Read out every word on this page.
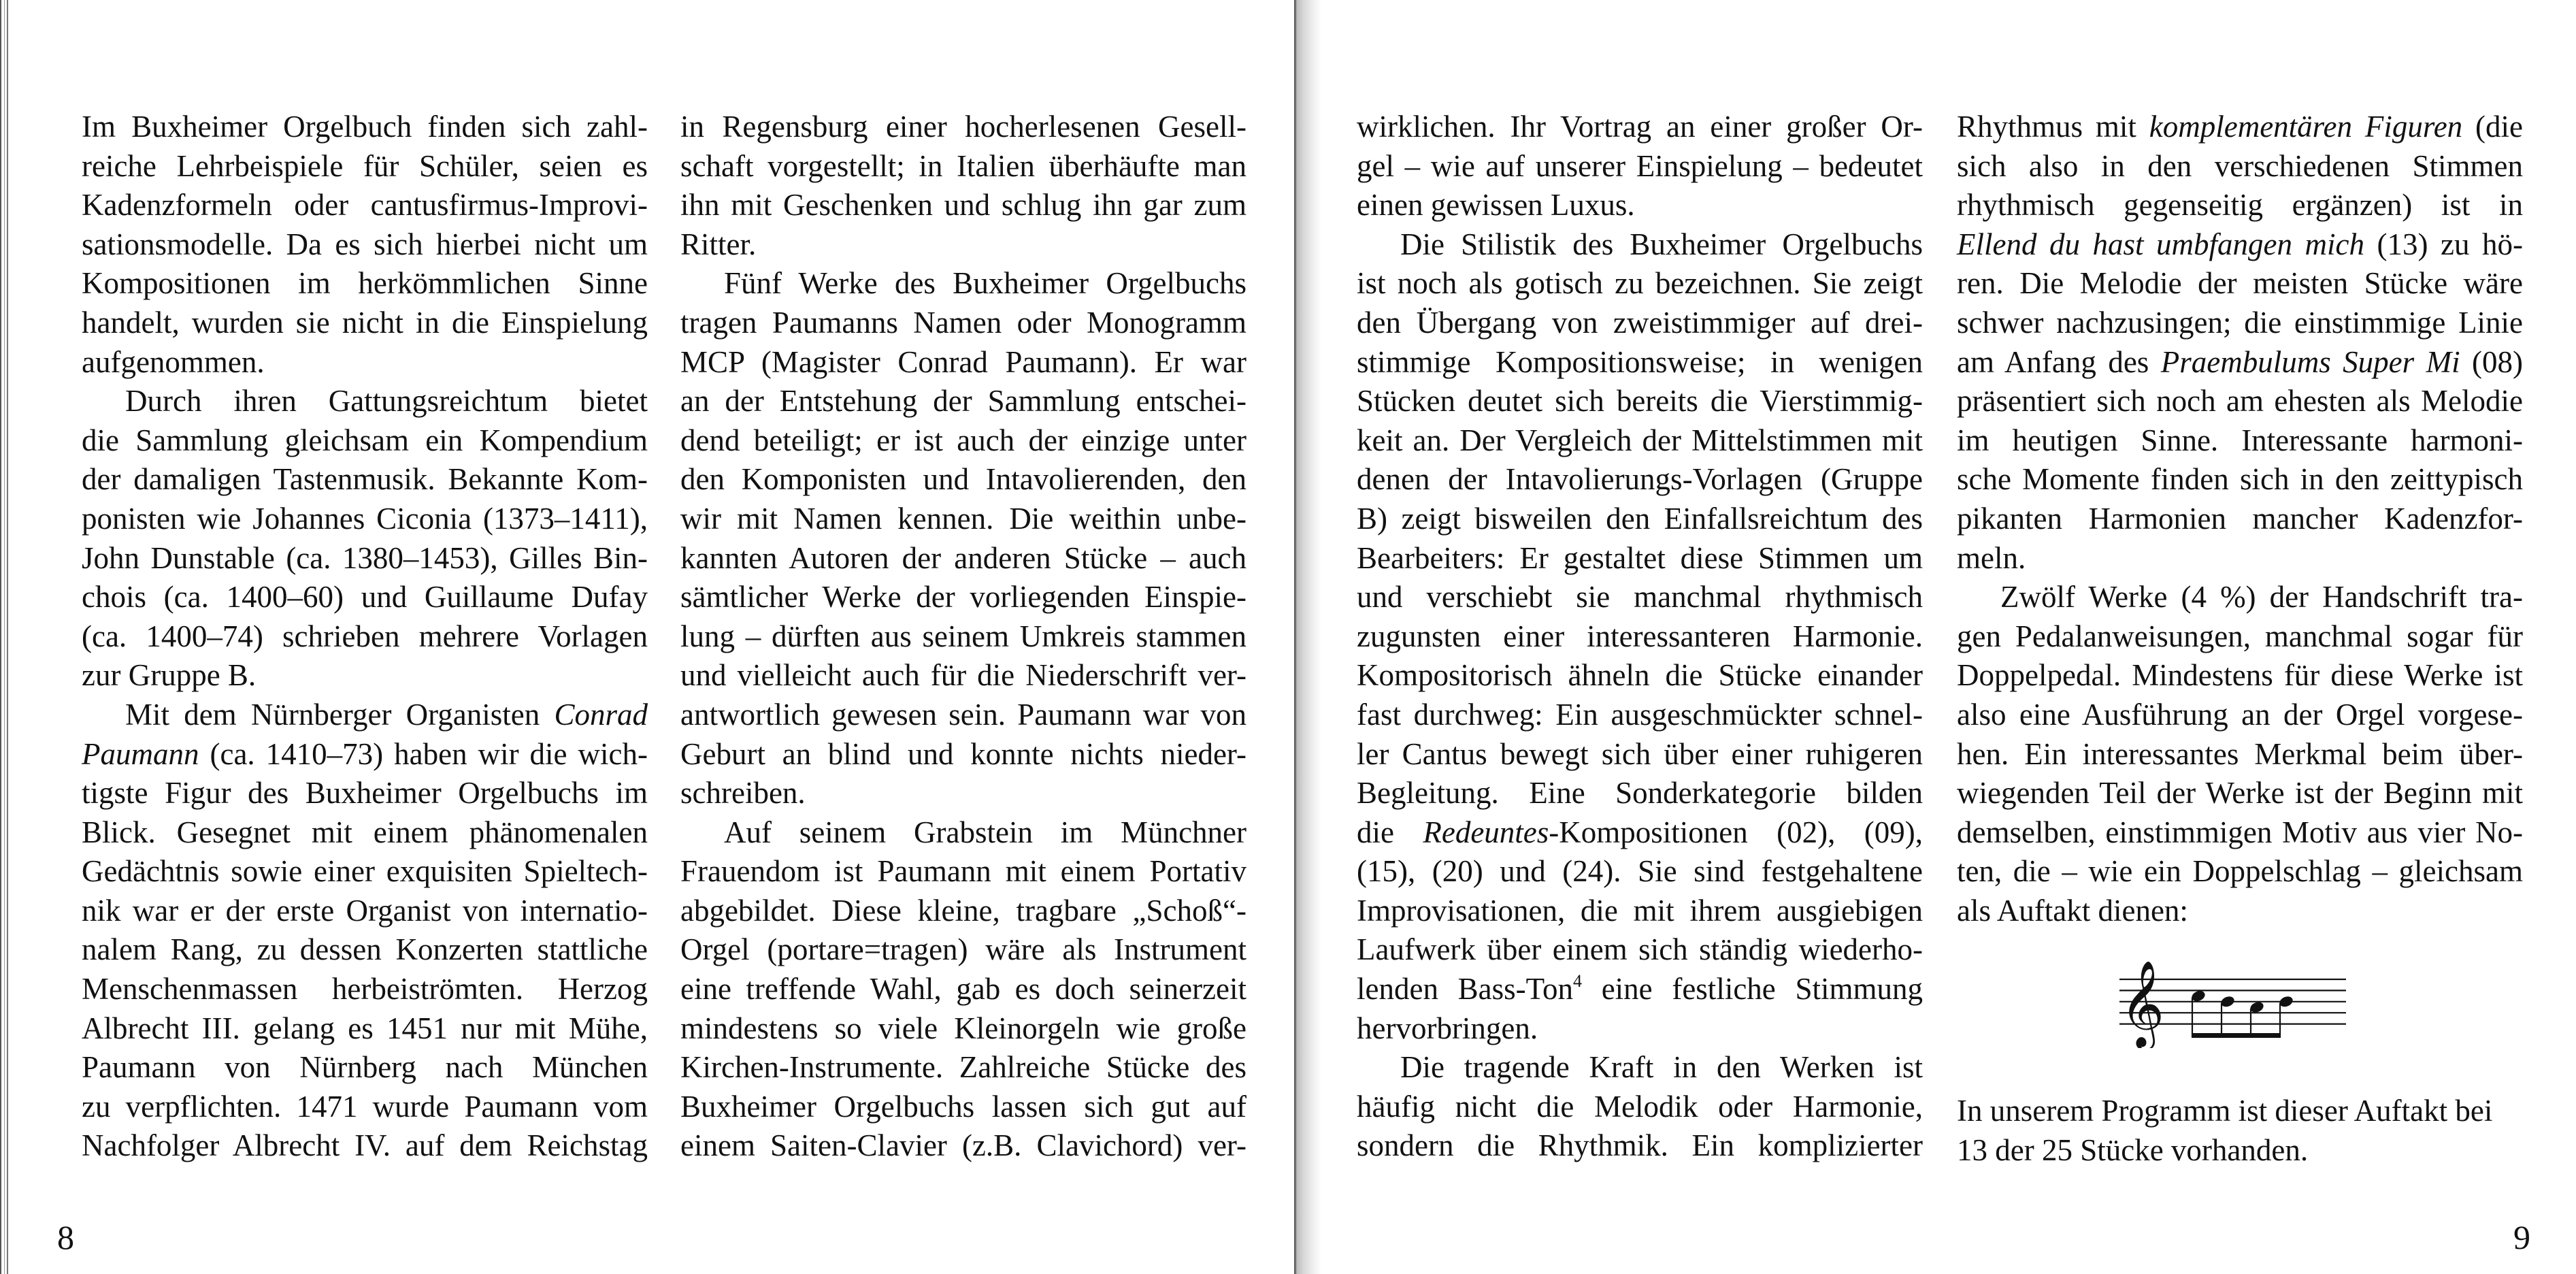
Im Buxheimer Orgelbuch finden sich zahl-
reiche Lehrbeispiele für Schüler, seien es
Kadenzformeln oder cantusfirmus-Improvi-
sationsmodelle. Da es sich hierbei nicht um
Kompositionen im herkömmlichen Sinne
handelt, wurden sie nicht in die Einspielung
aufgenommen.
Durch ihren Gattungsreichtum bietet
die Sammlung gleichsam ein Kompendium
der damaligen Tastenmusik. Bekannte Kom-
ponisten wie Johannes Ciconia (1373–1411),
John Dunstable (ca. 1380–1453), Gilles Bin-
chois (ca. 1400–60) und Guillaume Dufay
(ca. 1400–74) schrieben mehrere Vorlagen
zur Gruppe B.
Mit dem Nürnberger Organisten Conrad
Paumann (ca. 1410–73) haben wir die wich-
tigste Figur des Buxheimer Orgelbuchs im
Blick. Gesegnet mit einem phänomenalen
Gedächtnis sowie einer exquisiten Spieltech-
nik war er der erste Organist von internatio-
nalem Rang, zu dessen Konzerten stattliche
Menschenmassen herbeiströmten. Herzog
Albrecht III. gelang es 1451 nur mit Mühe,
Paumann von Nürnberg nach München
zu verpflichten. 1471 wurde Paumann vom
Nachfolger Albrecht IV. auf dem Reichstag
in Regensburg einer hocherlesenen Gesell-
schaft vorgestellt; in Italien überhäufte man
ihn mit Geschenken und schlug ihn gar zum
Ritter.
Fünf Werke des Buxheimer Orgelbuchs
tragen Paumanns Namen oder Monogramm
MCP (Magister Conrad Paumann). Er war
an der Entstehung der Sammlung entschei-
dend beteiligt; er ist auch der einzige unter
den Komponisten und Intavolierenden, den
wir mit Namen kennen. Die weithin unbe-
kannten Autoren der anderen Stücke – auch
sämtlicher Werke der vorliegenden Einspie-
lung – dürften aus seinem Umkreis stammen
und vielleicht auch für die Niederschrift ver-
antwortlich gewesen sein. Paumann war von
Geburt an blind und konnte nichts nieder-
schreiben.
Auf seinem Grabstein im Münchner
Frauendom ist Paumann mit einem Portativ
abgebildet. Diese kleine, tragbare „Schoß“-
Orgel (portare=tragen) wäre als Instrument
eine treffende Wahl, gab es doch seinerzeit
mindestens so viele Kleinorgeln wie große
Kirchen-Instrumente. Zahlreiche Stücke des
Buxheimer Orgelbuchs lassen sich gut auf
einem Saiten-Clavier (z.B. Clavichord) ver-
wirklichen. Ihr Vortrag an einer großer Or-
gel – wie auf unserer Einspielung – bedeutet
einen gewissen Luxus.
Die Stilistik des Buxheimer Orgelbuchs
ist noch als gotisch zu bezeichnen. Sie zeigt
den Übergang von zweistimmiger auf drei-
stimmige Kompositionsweise; in wenigen
Stücken deutet sich bereits die Vierstimmig-
keit an. Der Vergleich der Mittelstimmen mit
denen der Intavolierungs-Vorlagen (Gruppe
B) zeigt bisweilen den Einfallsreichtum des
Bearbeiters: Er gestaltet diese Stimmen um
und verschiebt sie manchmal rhythmisch
zugunsten einer interessanteren Harmonie.
Kompositorisch ähneln die Stücke einander
fast durchweg: Ein ausgeschmückter schnel-
ler Cantus bewegt sich über einer ruhigeren
Begleitung. Eine Sonderkategorie bilden
die Redeuntes-Kompositionen (02), (09),
(15), (20) und (24). Sie sind festgehaltene
Improvisationen, die mit ihrem ausgiebigen
Laufwerk über einem sich ständig wiederho-
lenden Bass-Ton$^4$ eine festliche Stimmung
hervorbringen.
Die tragende Kraft in den Werken ist
häufig nicht die Melodik oder Harmonie,
sondern die Rhythmik. Ein komplizierter
Rhythmus mit komplementären Figuren (die
sich also in den verschiedenen Stimmen
rhythmisch gegenseitig ergänzen) ist in
Ellend du hast umbfangen mich (13) zu hö-
ren. Die Melodie der meisten Stücke wäre
schwer nachzusingen; die einstimmige Linie
am Anfang des Praembulums Super Mi (08)
präsentiert sich noch am ehesten als Melodie
im heutigen Sinne. Interessante harmoni-
sche Momente finden sich in den zeittypisch
pikanten Harmonien mancher Kadenzfor-
meln.
Zwölf Werke (4 %) der Handschrift tra-
gen Pedalanweisungen, manchmal sogar für
Doppelpedal. Mindestens für diese Werke ist
also eine Ausführung an der Orgel vorgese-
hen. Ein interessantes Merkmal beim über-
wiegenden Teil der Werke ist der Beginn mit
demselben, einstimmigen Motiv aus vier No-
ten, die – wie ein Doppelschlag – gleichsam
als Auftakt dienen:
𝄞
In unserem Programm ist dieser Auftakt bei
13 der 25 Stücke vorhanden.
8	9
